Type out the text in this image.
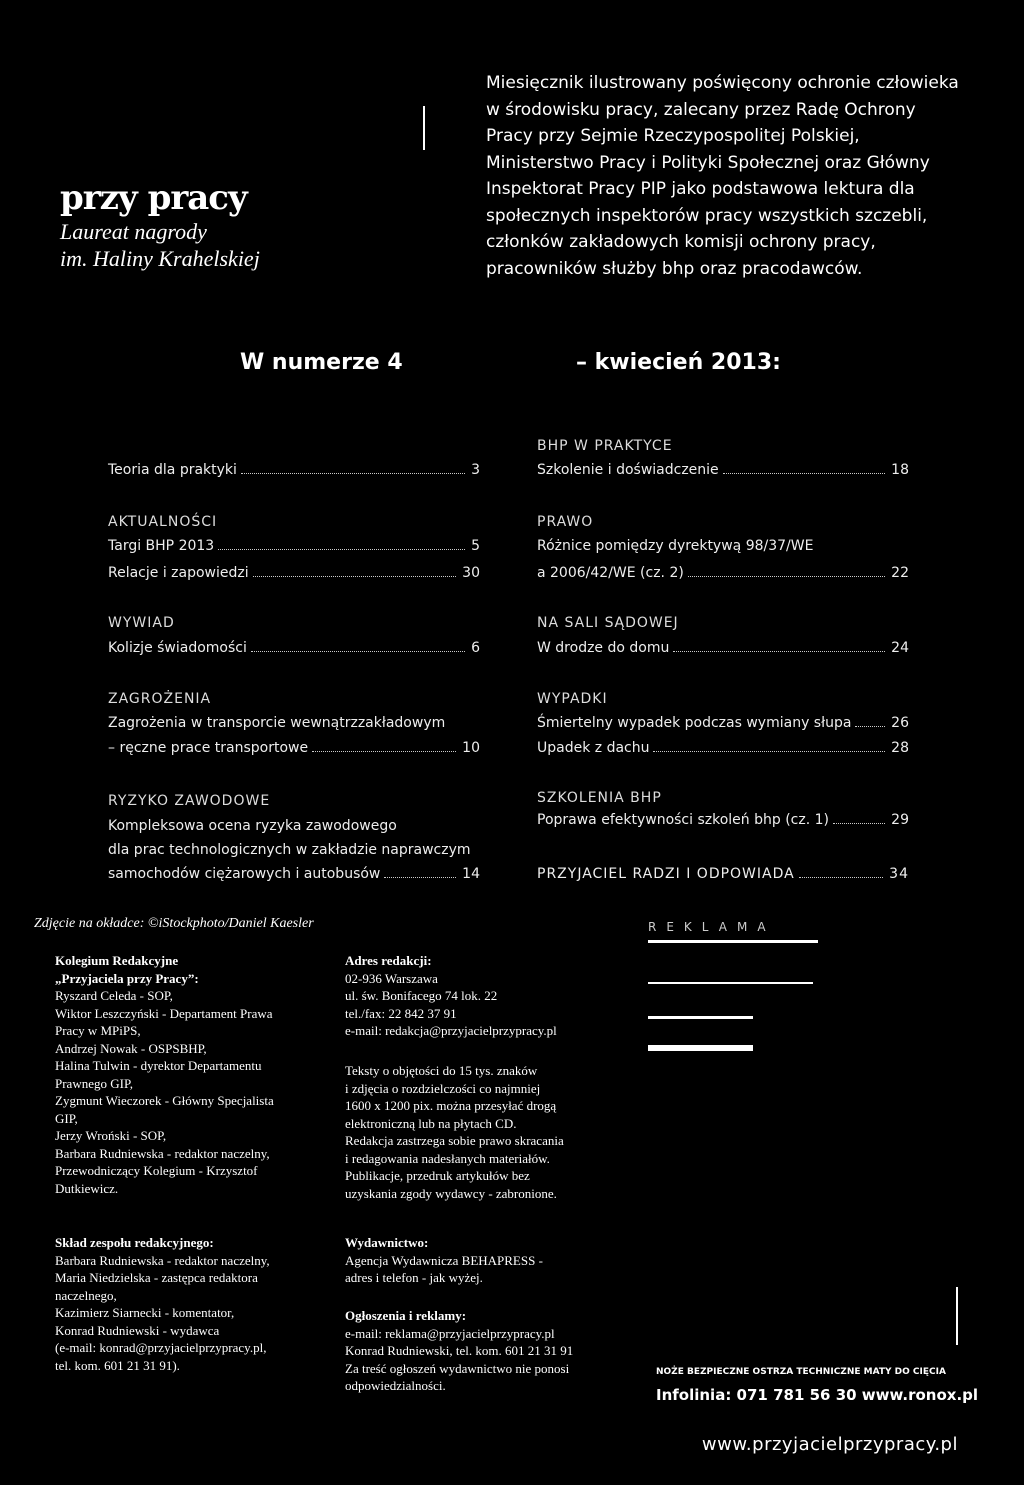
przy pracy
Laureat nagrody
im. Haliny Krahelskiej

Miesięcznik ilustrowany poświęcony ochronie człowieka w środowisku pracy, zalecany przez Radę Ochrony Pracy przy Sejmie Rzeczypospolitej Polskiej, Ministerstwo Pracy i Polityki Społecznej oraz Główny Inspektorat Pracy PIP jako podstawowa lektura dla społecznych inspektorów pracy wszystkich szczebli, członków zakładowych komisji ochrony pracy, pracowników służby bhp oraz pracodawców.

W numerze 4	– kwiecień 2013:
Teoria dla praktyki	3
AKTUALNOŚCI
Targi BHP 2013	5
Relacje i zapowiedzi	30
WYWIAD
Kolizje świadomości	6
ZAGROŻENIA
Zagrożenia w transporcie wewnątrzzakładowym
– ręczne prace transportowe	10
RYZYKO ZAWODOWE
Kompleksowa ocena ryzyka zawodowego
dla prac technologicznych w zakładzie naprawczym
samochodów ciężarowych i autobusów	14
BHP W PRAKTYCE
Szkolenie i doświadczenie	18
PRAWO
Różnice pomiędzy dyrektywą 98/37/WE
a 2006/42/WE (cz. 2)	22
NA SALI SĄDOWEJ
W drodze do domu	24
WYPADKI
Śmiertelny wypadek podczas wymiany słupa	26
Upadek z dachu	28
SZKOLENIA BHP
Poprawa efektywności szkoleń bhp (cz. 1)	29
PRZYJACIEL RADZI I ODPOWIADA	34
Zdjęcie na okładce: ©iStockphoto/Daniel Kaesler
Kolegium Redakcyjne
„Przyjaciela przy Pracy”:
Ryszard Celeda - SOP,
Wiktor Leszczyński - Departament Prawa
Pracy w MPiPS,
Andrzej Nowak - OSPSBHP,
Halina Tulwin - dyrektor Departamentu
Prawnego GIP,
Zygmunt Wieczorek - Główny Specjalista
GIP,
Jerzy Wroński - SOP,
Barbara Rudniewska - redaktor naczelny,
Przewodniczący Kolegium - Krzysztof
Dutkiewicz.
Skład zespołu redakcyjnego:
Barbara Rudniewska - redaktor naczelny,
Maria Niedzielska - zastępca redaktora
naczelnego,
Kazimierz Siarnecki - komentator,
Konrad Rudniewski - wydawca
(e-mail: konrad@przyjacielprzypracy.pl,
tel. kom. 601 21 31 91).
Adres redakcji:
02-936 Warszawa
ul. św. Bonifacego 74 lok. 22
tel./fax: 22 842 37 91
e-mail: redakcja@przyjacielprzypracy.pl
Teksty o objętości do 15 tys. znaków
i zdjęcia o rozdzielczości co najmniej
1600 x 1200 pix. można przesyłać drogą
elektroniczną lub na płytach CD.
Redakcja zastrzega sobie prawo skracania
i redagowania nadesłanych materiałów.
Publikacje, przedruk artykułów bez
uzyskania zgody wydawcy - zabronione.
Wydawnictwo:
Agencja Wydawnicza BEHAPRESS -
adres i telefon - jak wyżej.
Ogłoszenia i reklamy:
e-mail: reklama@przyjacielprzypracy.pl
Konrad Rudniewski, tel. kom. 601 21 31 91
Za treść ogłoszeń wydawnictwo nie ponosi
odpowiedzialności.
REKLAMA
NOŻE BEZPIECZNE OSTRZA TECHNICZNE MATY DO CIĘCIA
Infolinia: 071 781 56 30 www.ronox.pl
www.przyjacielprzypracy.pl
